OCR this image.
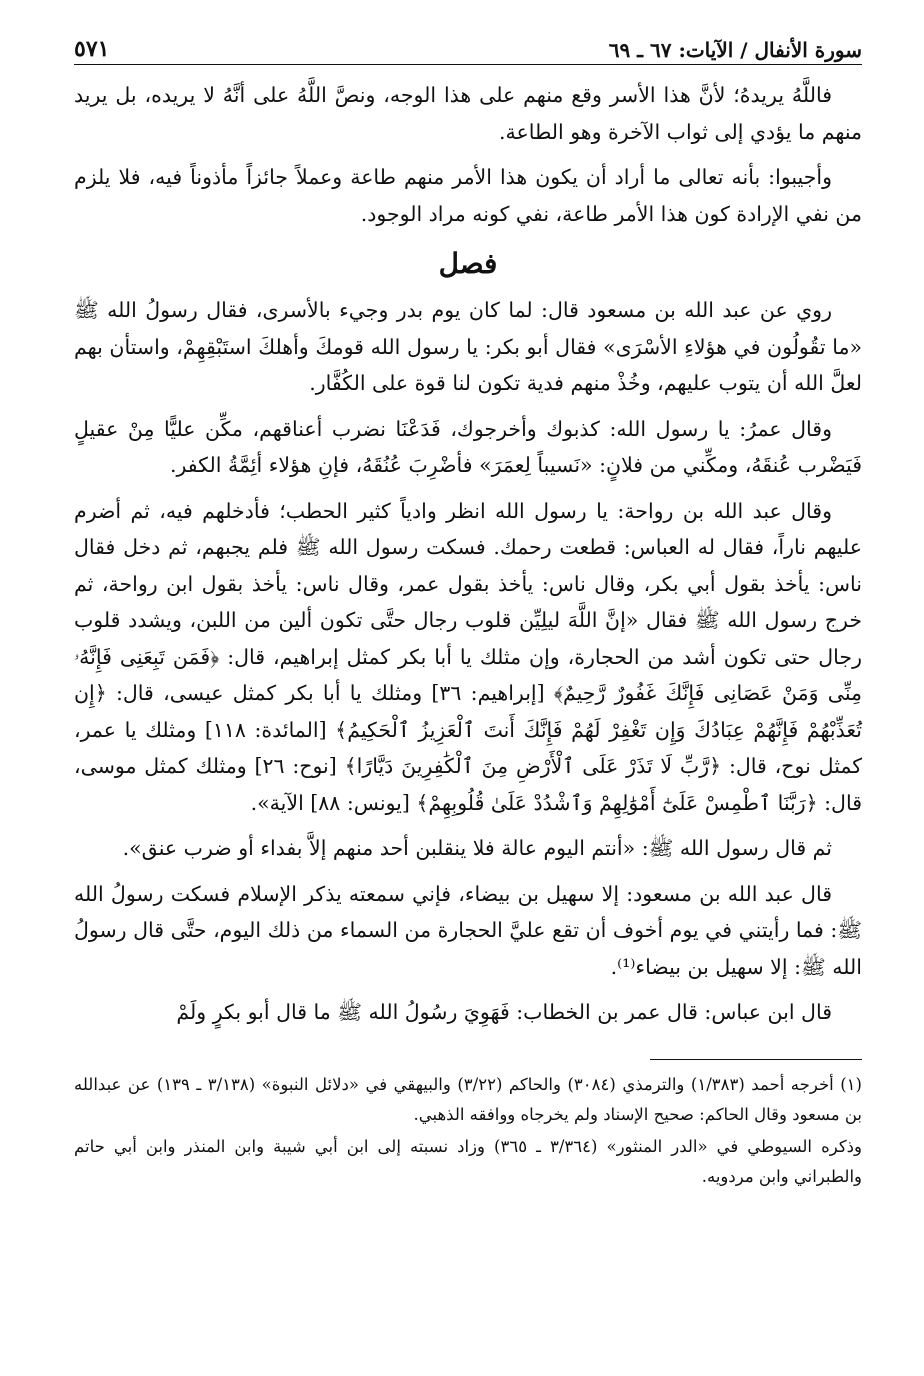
سورة الأنفال / الآيات: ٦٧ ـ ٦٩
٥٧١

فاللَّهُ يريدهُ؛ لأنَّ هذا الأسر وقع منهم على هذا الوجه، ونصَّ اللَّهُ على أنَّهُ لا يريده، بل يريد منهم ما يؤدي إلى ثواب الآخرة وهو الطاعة.

وأجيبوا: بأنه تعالى ما أراد أن يكون هذا الأمر منهم طاعة وعملاً جائزاً مأذوناً فيه، فلا يلزم من نفي الإرادة كون هذا الأمر طاعة، نفي كونه مراد الوجود.

فصل

روي عن عبد الله بن مسعود قال: لما كان يوم بدر وجيء بالأسرى، فقال رسولُ الله ﷺ «ما تقُولُون في هؤلاءِ الأسْرَى» فقال أبو بكر: يا رسول الله قومكَ وأهلكَ استَبْقِهِمْ، واستأن بهم لعلَّ الله أن يتوب عليهم، وخُذْ منهم فدية تكون لنا قوة على الكُفَّار.

وقال عمرُ: يا رسول الله: كذبوك وأخرجوك، فَدَعْنَا نضرب أعناقهم، مكِّن عليًّا مِنْ عقيلٍ فَيَضْرب عُنقَهُ، ومكِّني من فلانٍ: «نَسيباً لِعمَرَ» فأضْرِبَ عُنُقَهُ، فإنِ هؤلاء أئِمَّةُ الكفر.

وقال عبد الله بن رواحة: يا رسول الله انظر وادياً كثير الحطب؛ فأدخلهم فيه، ثم أضرم عليهم ناراً، فقال له العباس: قطعت رحمك. فسكت رسول الله ﷺ فلم يجبهم، ثم دخل فقال ناس: يأخذ بقول أبي بكر، وقال ناس: يأخذ بقول عمر، وقال ناس: يأخذ بقول ابن رواحة، ثم خرج رسول الله ﷺ فقال «إنَّ اللَّهَ ليلِيِّن قلوب رجال حتَّى تكون ألين من اللبن، ويشدد قلوب رجال حتى تكون أشد من الحجارة، وإن مثلك يا أبا بكر كمثل إبراهيم، قال: ﴿فَمَن تَبِعَنِى فَإِنَّهُۥ مِنِّى وَمَنْ عَصَانِى فَإِنَّكَ غَفُورٌ رَّحِيمٌ﴾ [إبراهيم: ٣٦] ومثلك يا أبا بكر كمثل عيسى، قال: ﴿إِن تُعَذِّبْهُمْ فَإِنَّهُمْ عِبَادُكَ وَإِن تَغْفِرْ لَهُمْ فَإِنَّكَ أَنتَ ٱلْعَزِيزُ ٱلْحَكِيمُ﴾ [المائدة: ١١٨] ومثلك يا عمر، كمثل نوح، قال: ﴿رَّبِّ لَا تَذَرْ عَلَى ٱلْأَرْضِ مِنَ ٱلْكَٰفِرِينَ دَيَّارًا﴾ [نوح: ٢٦] ومثلك كمثل موسى، قال: ﴿رَبَّنَا ٱطْمِسْ عَلَىٰٓ أَمْوَٰلِهِمْ وَٱشْدُدْ عَلَىٰ قُلُوبِهِمْ﴾ [يونس: ٨٨] الآية».

ثم قال رسول الله ﷺ: «أنتم اليوم عالة فلا ينقلبن أحد منهم إلاَّ بفداء أو ضرب عنق».

قال عبد الله بن مسعود: إلا سهيل بن بيضاء، فإني سمعته يذكر الإسلام فسكت رسولُ الله ﷺ: فما رأيتني في يوم أخوف أن تقع عليَّ الحجارة من السماء من ذلك اليوم، حتَّى قال رسولُ الله ﷺ: إلا سهيل بن بيضاء⁽¹⁾.

قال ابن عباس: قال عمر بن الخطاب: فَهَوِيَ رسُولُ الله ﷺ ما قال أبو بكرٍ ولَمْ

(١) أخرجه أحمد (١/٣٨٣) والترمذي (٣٠٨٤) والحاكم (٣/٢٢) والبيهقي في «دلائل النبوة» (٣/١٣٨ ـ ١٣٩) عن عبدالله بن مسعود وقال الحاكم: صحيح الإسناد ولم يخرجاه ووافقه الذهبي.

وذكره السيوطي في «الدر المنثور» (٣/٣٦٤ ـ ٣٦٥) وزاد نسبته إلى ابن أبي شيبة وابن المنذر وابن أبي حاتم والطبراني وابن مردويه.
